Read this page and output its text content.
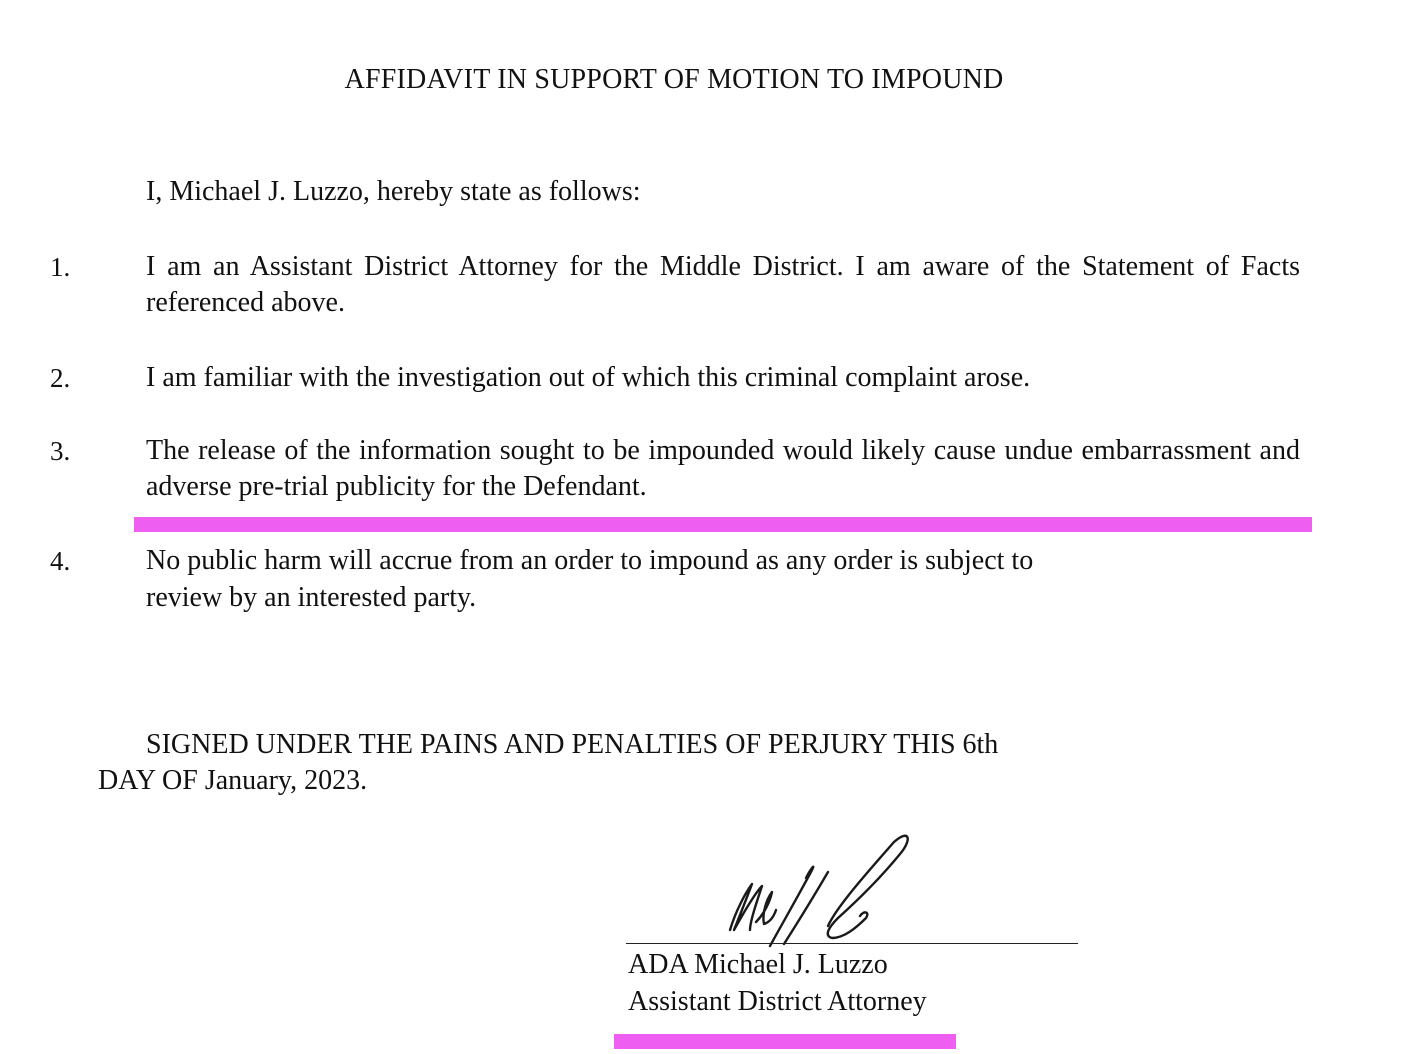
AFFIDAVIT IN SUPPORT OF MOTION TO IMPOUND
I, Michael J. Luzzo, hereby state as follows:
1.	I am an Assistant District Attorney for the Middle District. I am aware of the Statement of Facts referenced above.
2.	I am familiar with the investigation out of which this criminal complaint arose.
3.	The release of the information sought to be impounded would likely cause undue embarrassment and adverse pre-trial publicity for the Defendant.
4.	No public harm will accrue from an order to impound as any order is subject to
review by an interested party.
SIGNED UNDER THE PAINS AND PENALTIES OF PERJURY THIS 6th
DAY OF January, 2023.
ADA Michael J. Luzzo
Assistant District Attorney
